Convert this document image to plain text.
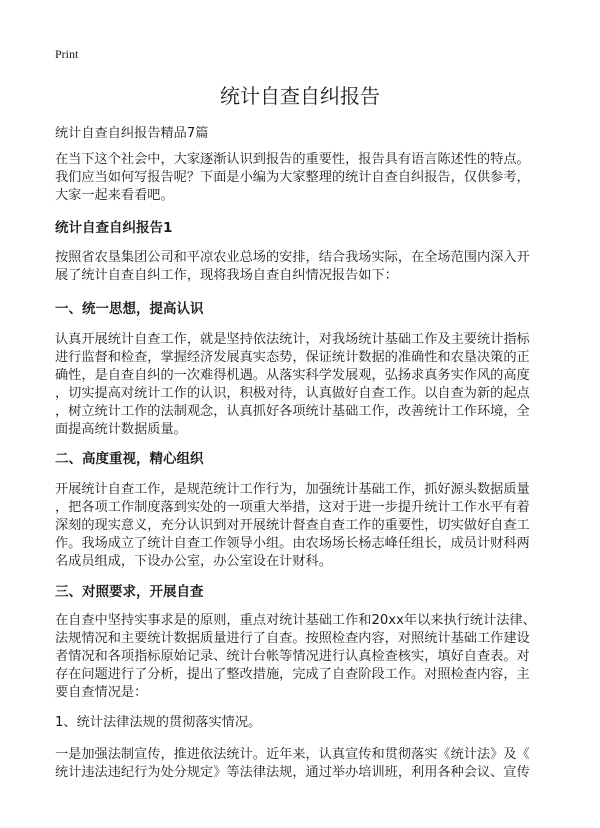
Print
统计自查自纠报告
统计自查自纠报告精品7篇
在当下这个社会中，大家逐渐认识到报告的重要性，报告具有语言陈述性的特点。
我们应当如何写报告呢？下面是小编为大家整理的统计自查自纠报告，仅供参考，
大家一起来看看吧。
统计自查自纠报告1
按照省农垦集团公司和平凉农业总场的安排，结合我场实际，在全场范围内深入开
展了统计自查自纠工作，现将我场自查自纠情况报告如下：
一、统一思想，提高认识
认真开展统计自查工作，就是坚持依法统计，对我场统计基础工作及主要统计指标
进行监督和检查，掌握经济发展真实态势，保证统计数据的准确性和农垦决策的正
确性，是自查自纠的一次难得机遇。从落实科学发展观，弘扬求真务实作风的高度
，切实提高对统计工作的认识，积极对待，认真做好自查工作。以自查为新的起点
，树立统计工作的法制观念，认真抓好各项统计基础工作，改善统计工作环境，全
面提高统计数据质量。
二、高度重视，精心组织
开展统计自查工作，是规范统计工作行为，加强统计基础工作，抓好源头数据质量
，把各项工作制度落到实处的一项重大举措，这对于进一步提升统计工作水平有着
深刻的现实意义，充分认识到对开展统计督查自查工作的重要性，切实做好自查工
作。我场成立了统计自查工作领导小组。由农场场长杨志峰任组长，成员计财科两
名成员组成，下设办公室，办公室设在计财科。
三、对照要求，开展自查
在自查中坚持实事求是的原则，重点对统计基础工作和20xx年以来执行统计法律、
法规情况和主要统计数据质量进行了自查。按照检查内容，对照统计基础工作建设
者情况和各项指标原始记录、统计台帐等情况进行认真检查核实，填好自查表。对
存在问题进行了分析，提出了整改措施，完成了自查阶段工作。对照检查内容，主
要自查情况是：
1、统计法律法规的贯彻落实情况。
一是加强法制宣传，推进依法统计。近年来，认真宣传和贯彻落实《统计法》及《
统计违法违纪行为处分规定》等法律法规，通过举办培训班，利用各种会议、宣传
